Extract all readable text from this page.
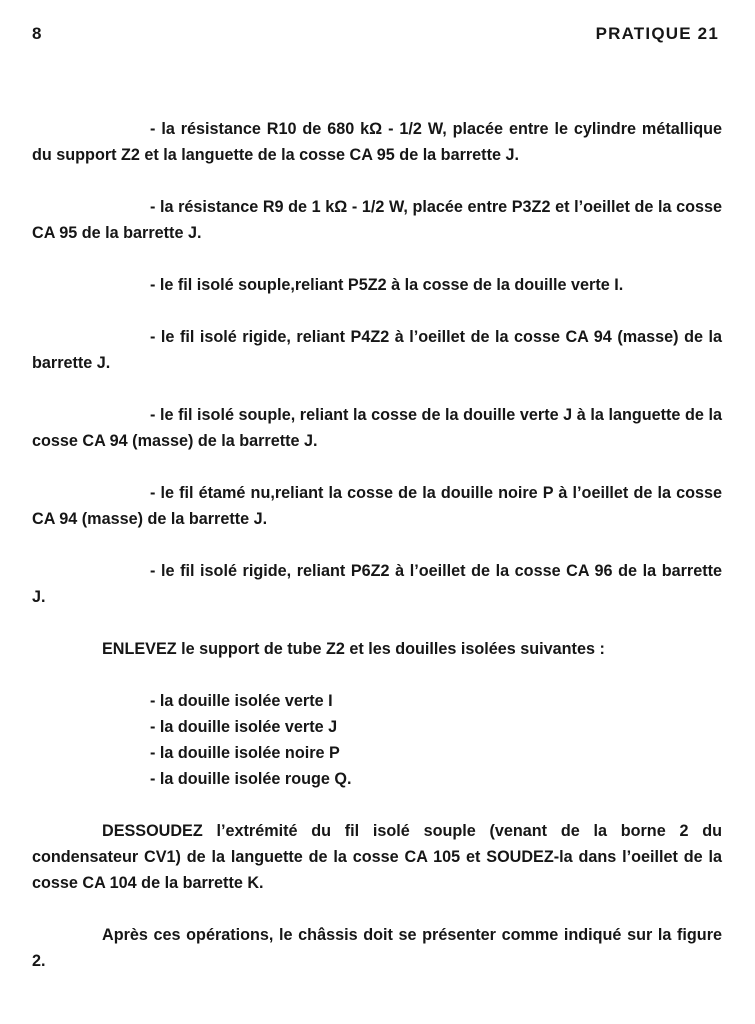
8	PRATIQUE 21

- la résistance R10 de 680 kΩ - 1/2 W, placée entre le cylindre métallique du support Z2 et la languette de la cosse CA 95 de la barrette J.

- la résistance R9 de 1 kΩ - 1/2 W, placée entre P3Z2 et l’oeillet de la cosse CA 95 de la barrette J.

- le fil isolé souple,reliant P5Z2 à la cosse de la douille verte I.

- le fil isolé rigide, reliant P4Z2 à l’oeillet de la cosse CA 94 (masse) de la barrette J.

- le fil isolé souple, reliant la cosse de la douille verte J à la languette de la cosse CA 94 (masse) de la barrette J.

- le fil étamé nu,reliant la cosse de la douille noire P à l’oeillet de la cosse CA 94 (masse) de la barrette J.

- le fil isolé rigide, reliant P6Z2 à l’oeillet de la cosse CA 96 de la barrette J.

ENLEVEZ le support de tube Z2 et les douilles isolées suivantes :

- la douille isolée verte I
- la douille isolée verte J
- la douille isolée noire P
- la douille isolée rouge Q.

DESSOUDEZ l’extrémité du fil isolé souple (venant de la borne 2 du condensateur CV1) de la languette de la cosse CA 105 et SOUDEZ-la dans l’oeillet de la cosse CA 104 de la barrette K.

Après ces opérations, le châssis doit se présenter comme indiqué sur la figure 2.
